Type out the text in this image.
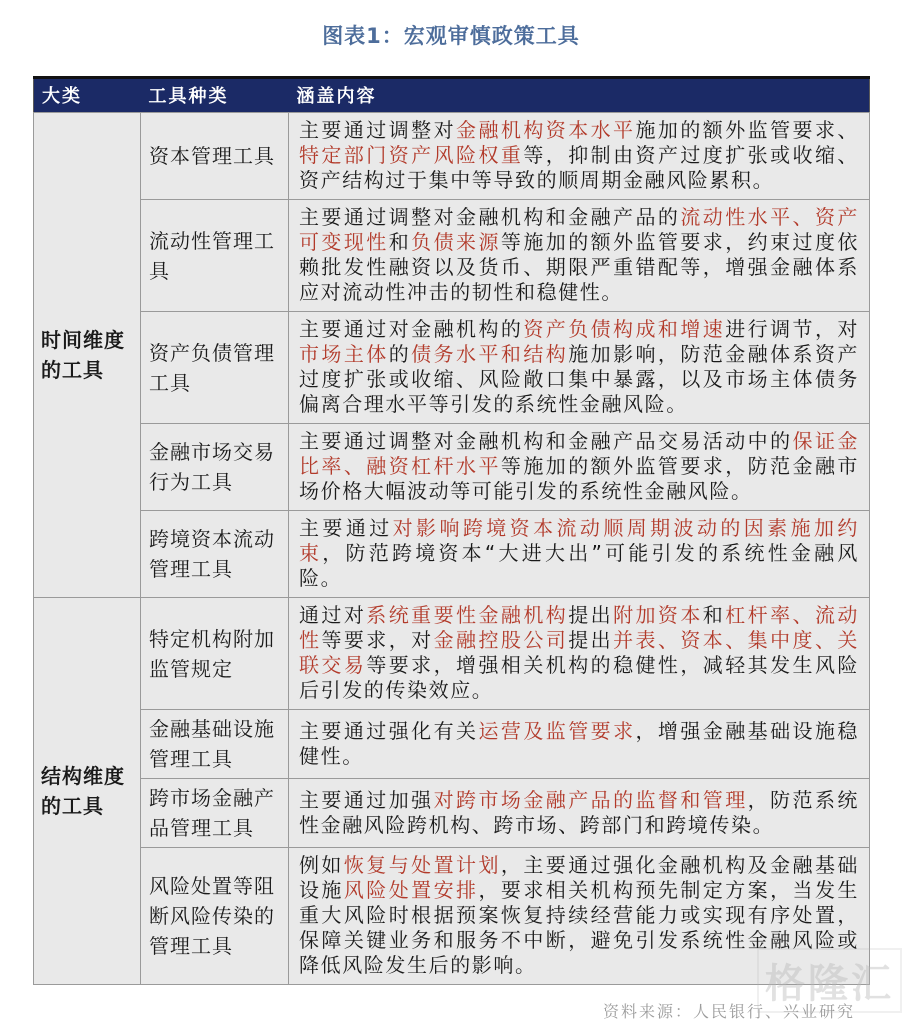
图表1：宏观审慎政策工具
大类	工具种类	涵盖内容
时间维度的工具	资本管理工具	主要通过调整对金融机构资本水平施加的额外监管要求、特定部门资产风险权重等，抑制由资产过度扩张或收缩、资产结构过于集中等导致的顺周期金融风险累积。
	流动性管理工具	主要通过调整对金融机构和金融产品的流动性水平、资产可变现性和负债来源等施加的额外监管要求，约束过度依赖批发性融资以及货币、期限严重错配等，增强金融体系应对流动性冲击的韧性和稳健性。
	资产负债管理工具	主要通过对金融机构的资产负债构成和增速进行调节，对市场主体的债务水平和结构施加影响，防范金融体系资产过度扩张或收缩、风险敞口集中暴露，以及市场主体债务偏离合理水平等引发的系统性金融风险。
	金融市场交易行为工具	主要通过调整对金融机构和金融产品交易活动中的保证金比率、融资杠杆水平等施加的额外监管要求，防范金融市场价格大幅波动等可能引发的系统性金融风险。
	跨境资本流动管理工具	主要通过对影响跨境资本流动顺周期波动的因素施加约束，防范跨境资本“大进大出”可能引发的系统性金融风险。
结构维度的工具	特定机构附加监管规定	通过对系统重要性金融机构提出附加资本和杠杆率、流动性等要求，对金融控股公司提出并表、资本、集中度、关联交易等要求，增强相关机构的稳健性，减轻其发生风险后引发的传染效应。
	金融基础设施管理工具	主要通过强化有关运营及监管要求，增强金融基础设施稳健性。
	跨市场金融产品管理工具	主要通过加强对跨市场金融产品的监督和管理，防范系统性金融风险跨机构、跨市场、跨部门和跨境传染。
	风险处置等阻断风险传染的管理工具	例如恢复与处置计划，主要通过强化金融机构及金融基础设施风险处置安排，要求相关机构预先制定方案，当发生重大风险时根据预案恢复持续经营能力或实现有序处置，保障关键业务和服务不中断，避免引发系统性金融风险或降低风险发生后的影响。
资料来源：人民银行、兴业研究
格隆汇
